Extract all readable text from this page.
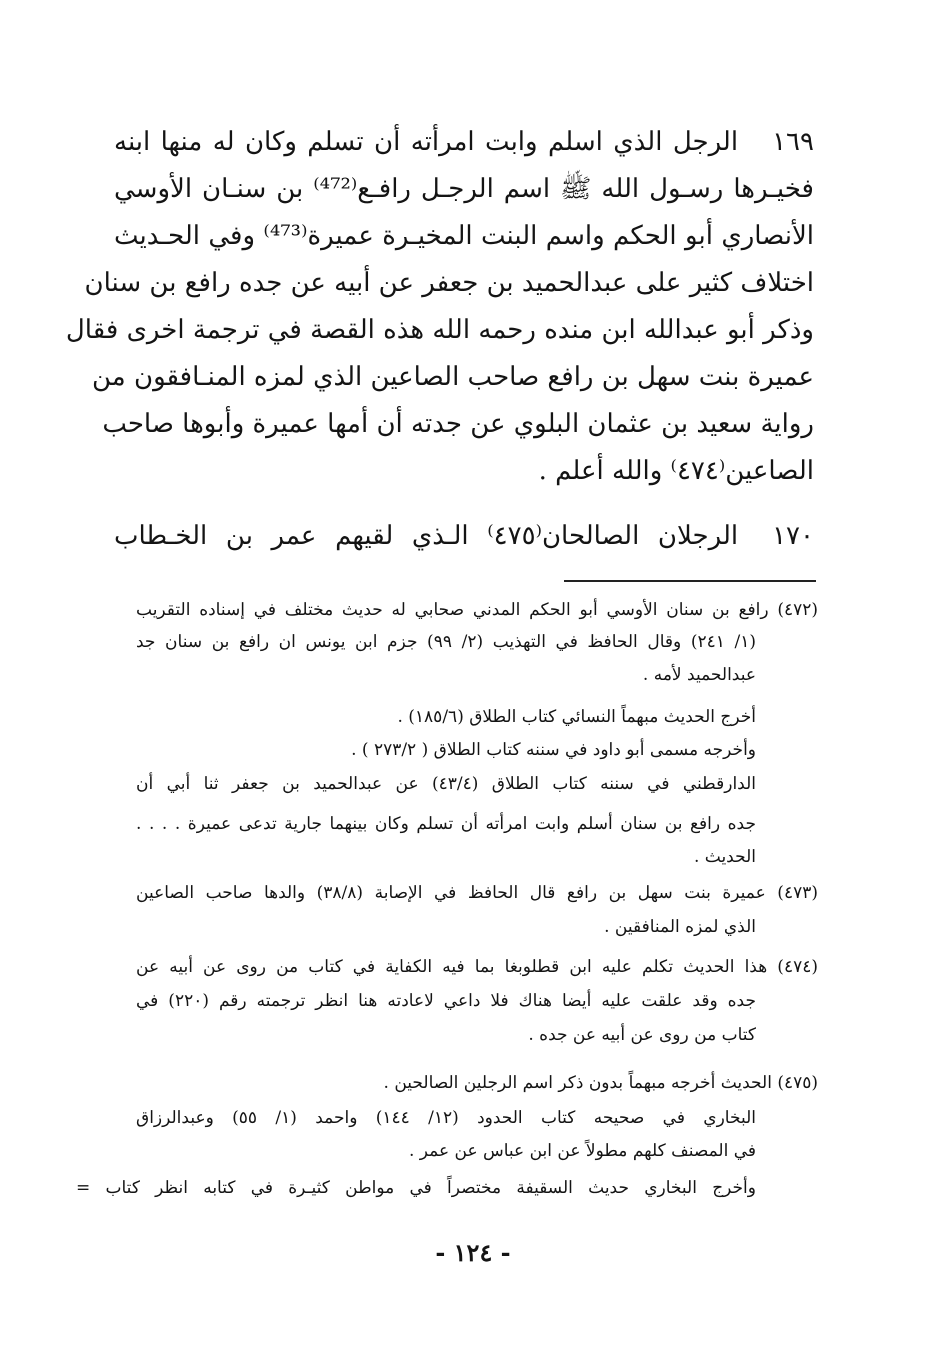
١٦٩الرجل الذي اسلم وابت امرأته أن تسلم وكان له منها ابنه
فخيـرها رسـول الله ﷺ اسم الرجـل رافـع⁽⁴⁷²⁾ بن سنـان الأوسي
الأنصاري أبو الحكم واسم البنت المخيـرة عميرة⁽⁴⁷³⁾ وفي الحـديث
اختلاف كثير على عبدالحميد بن جعفر عن أبيه عن جده رافع بن سنان
وذكر أبو عبدالله ابن منده رحمه الله هذه القصة في ترجمة اخرى فقال
عميرة بنت سهل بن رافع صاحب الصاعين الذي لمزه المنـافقون من
رواية سعيد بن عثمان البلوي عن جدته أن أمها عميرة وأبوها صاحب
الصاعين⁽٤٧٤⁾ والله أعلم .
١٧٠الرجلان الصالحان⁽٤٧٥⁾ الـذي لقيهم عمر بن الخـطاب
(٤٧٢) رافع بن سنان الأوسي أبو الحكم المدني صحابي له حديث مختلف في إسناده التقريب
(١/ ٢٤١) وقال الحافظ في التهذيب (٢/ ٩٩) جزم ابن يونس ان رافع بن سنان جد
عبدالحميد لأمه .
أخرج الحديث مبهماً النسائي كتاب الطلاق (١٨٥/٦) .
وأخرجه مسمى أبو داود في سننه كتاب الطلاق ( ٢٧٣/٢ ) .
الدارقطني في سننه كتاب الطلاق (٤٣/٤) عن عبدالحميد بن جعفر ثنا أبي أن
جده رافع بن سنان أسلم وابت امرأته أن تسلم وكان بينهما جارية تدعى عميرة . . . .
الحديث .
(٤٧٣) عميرة بنت سهل بن رافع قال الحافظ في الإصابة (٣٨/٨) والدها صاحب الصاعين
الذي لمزه المنافقين .
(٤٧٤) هذا الحديث تكلم عليه ابن قطلوبغا بما فيه الكفاية في كتاب من روى عن أبيه عن
جده وقد علقت عليه أيضا هناك فلا داعي لاعادته هنا انظر ترجمته رقم (٢٢٠) في
كتاب من روى عن أبيه عن جده .
(٤٧٥) الحديث أخرجه مبهماً بدون ذكر اسم الرجلين الصالحين .
البخاري في صحيحه كتاب الحدود (١٢/ ١٤٤) واحمد (١/ ٥٥) وعبدالرزاق
في المصنف كلهم مطولاً عن ابن عباس عن عمر .
وأخرج البخاري حديث السقيفة مختصراً في مواطن كثيـرة في كتابه انظر كتاب =
- ١٢٤ -
